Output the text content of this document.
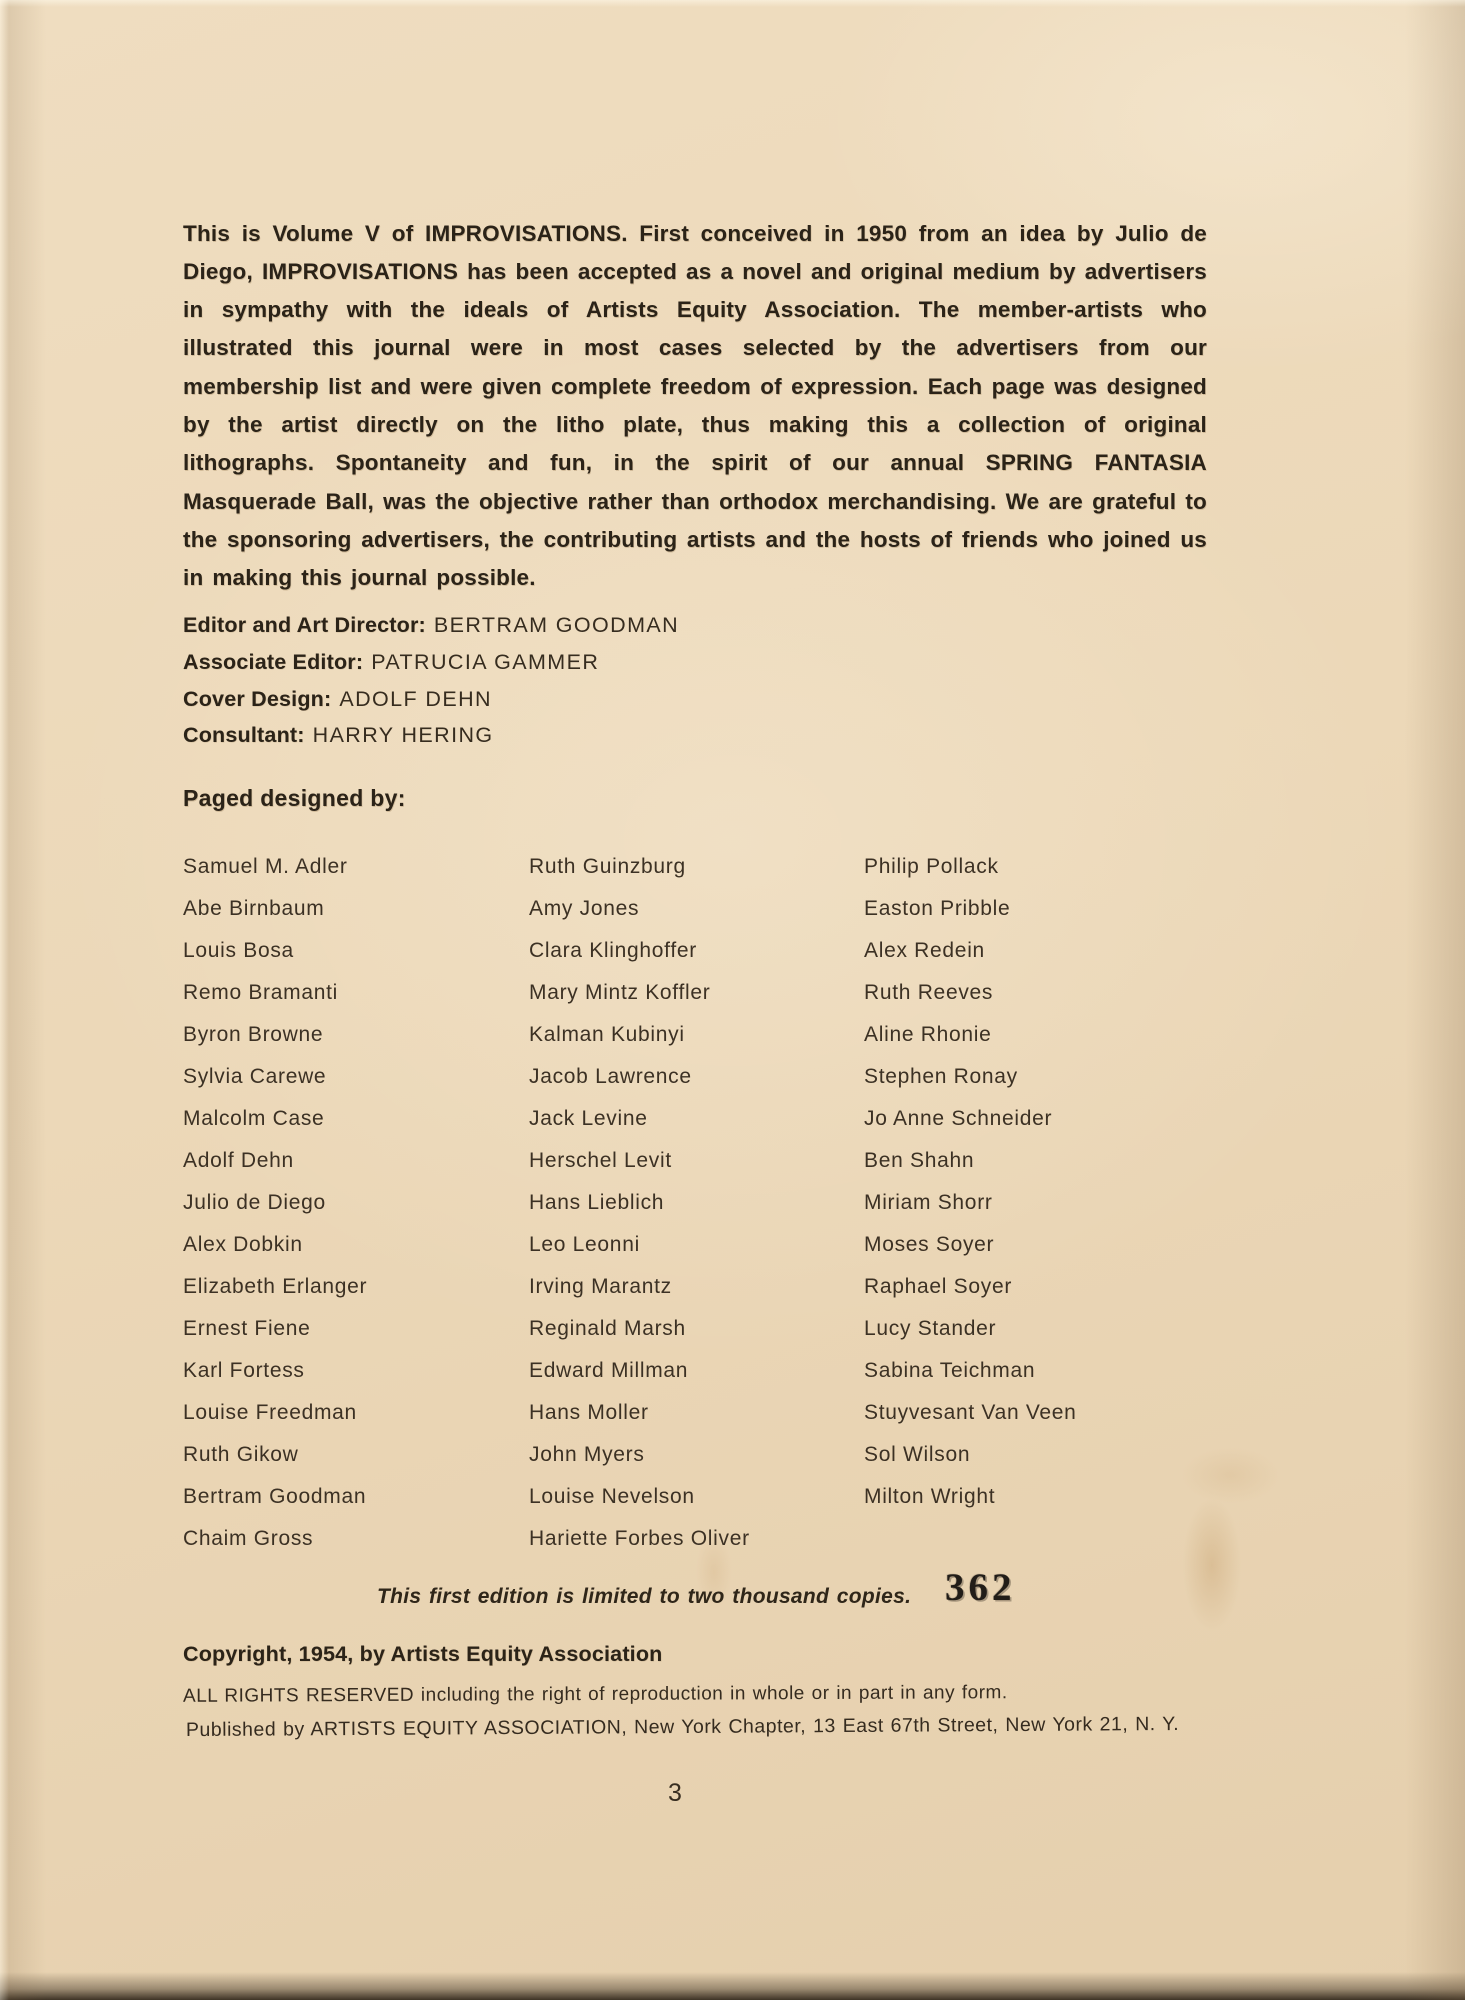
This is Volume V of IMPROVISATIONS. First conceived in 1950 from an idea by Julio de Diego, IMPROVISATIONS has been accepted as a novel and original medium by advertisers in sympathy with the ideals of Artists Equity Association. The member-artists who illustrated this journal were in most cases selected by the advertisers from our membership list and were given complete freedom of expression. Each page was designed by the artist directly on the litho plate, thus making this a collection of original lithographs. Spontaneity and fun, in the spirit of our annual SPRING FANTASIA Masquerade Ball, was the objective rather than orthodox merchandising. We are grateful to the sponsoring advertisers, the contributing artists and the hosts of friends who joined us in making this journal possible.

Editor and Art Director: BERTRAM GOODMAN
Associate Editor: PATRUCIA GAMMER
Cover Design: ADOLF DEHN
Consultant: HARRY HERING
Paged designed by:
Samuel M. Adler
Abe Birnbaum
Louis Bosa
Remo Bramanti
Byron Browne
Sylvia Carewe
Malcolm Case
Adolf Dehn
Julio de Diego
Alex Dobkin
Elizabeth Erlanger
Ernest Fiene
Karl Fortess
Louise Freedman
Ruth Gikow
Bertram Goodman
Chaim Gross
Ruth Guinzburg
Amy Jones
Clara Klinghoffer
Mary Mintz Koffler
Kalman Kubinyi
Jacob Lawrence
Jack Levine
Herschel Levit
Hans Lieblich
Leo Leonni
Irving Marantz
Reginald Marsh
Edward Millman
Hans Moller
John Myers
Louise Nevelson
Hariette Forbes Oliver
Philip Pollack
Easton Pribble
Alex Redein
Ruth Reeves
Aline Rhonie
Stephen Ronay
Jo Anne Schneider
Ben Shahn
Miriam Shorr
Moses Soyer
Raphael Soyer
Lucy Stander
Sabina Teichman
Stuyvesant Van Veen
Sol Wilson
Milton Wright
This first edition is limited to two thousand copies. 362
Copyright, 1954, by Artists Equity Association
ALL RIGHTS RESERVED including the right of reproduction in whole or in part in any form.
Published by ARTISTS EQUITY ASSOCIATION, New York Chapter, 13 East 67th Street, New York 21, N. Y.
3
